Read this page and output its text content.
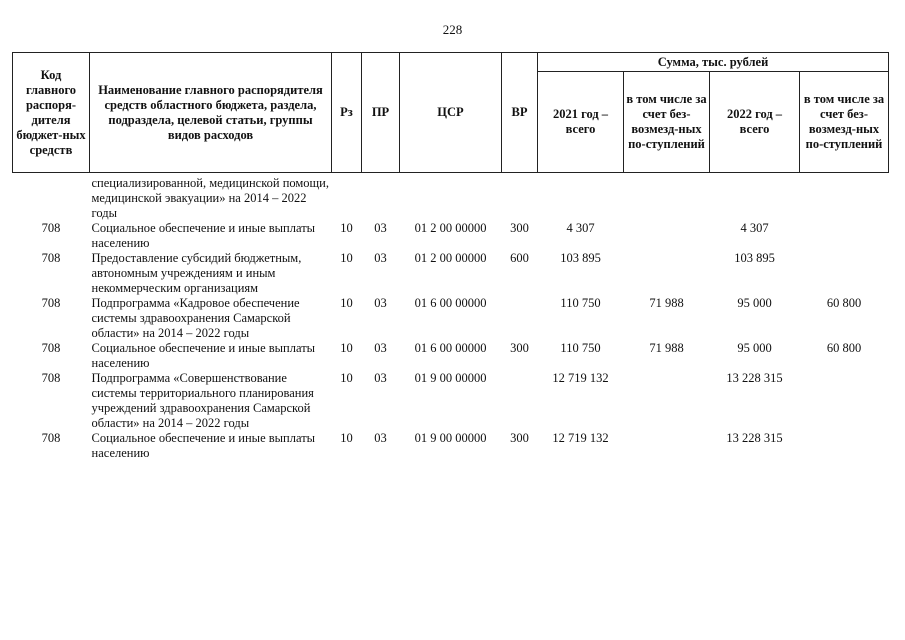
228
Код главного распоря-дителя бюджет-ных средств	Наименование главного распорядителя средств областного бюджета, раздела, подраздела, целевой статьи, группы видов расходов	Рз	ПР	ЦСР	ВР	Сумма, тыс. рублей			
						2021 год – всего	в том числе за счет без-возмезд-ных по-ступлений	2022 год – всего	в том числе за счет без-возмезд-ных по-ступлений
	специализированной, медицинской помощи, медицинской эвакуации» на 2014 – 2022 годы								
708	Социальное обеспечение и иные выплаты населению	10	03	01 2 00 00000	300	4 307		4 307	
708	Предоставление субсидий бюджетным, автономным учреждениям и иным некоммерческим организациям	10	03	01 2 00 00000	600	103 895		103 895	
708	Подпрограмма «Кадровое обеспечение системы здравоохранения Самарской области» на 2014 – 2022 годы	10	03	01 6 00 00000		110 750	71 988	95 000	60 800
708	Социальное обеспечение и иные выплаты населению	10	03	01 6 00 00000	300	110 750	71 988	95 000	60 800
708	Подпрограмма «Совершенствование системы территориального планирования учреждений здравоохранения Самарской области» на 2014 – 2022 годы	10	03	01 9 00 00000		12 719 132		13 228 315	
708	Социальное обеспечение и иные выплаты населению	10	03	01 9 00 00000	300	12 719 132		13 228 315	
